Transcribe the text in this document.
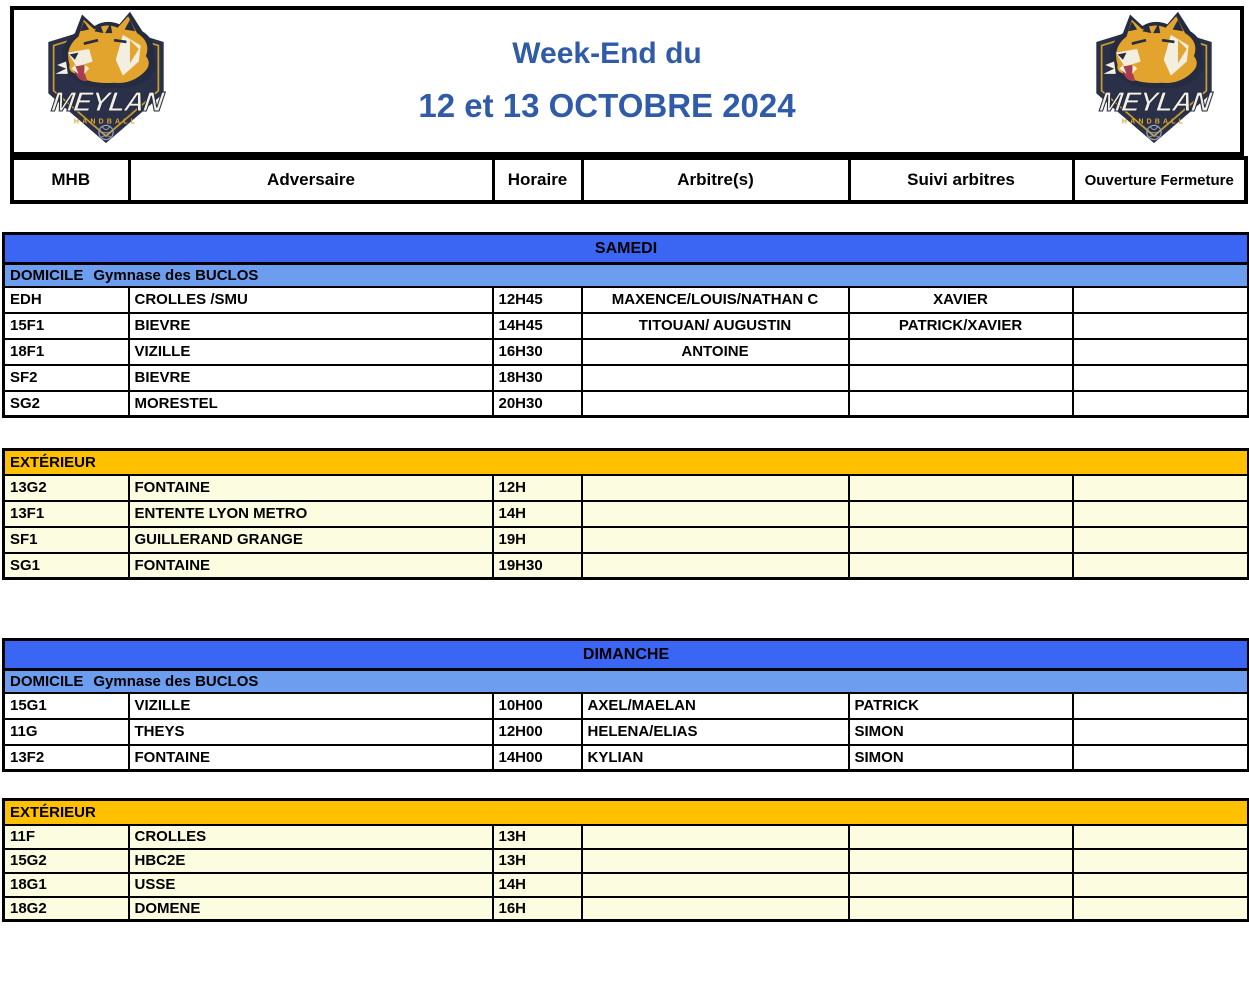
MEYLAN
HANDBALL
Week-End du
12 et 13 OCTOBRE 2024	MEYLAN
HANDBALL
MHB	Adversaire	Horaire	Arbitre(s)	Suivi arbitres	Ouverture Fermeture
SAMEDI					
DOMICILE Gymnase des BUCLOS					
EDH	CROLLES /SMU	12H45	MAXENCE/LOUIS/NATHAN C	XAVIER	
15F1	BIEVRE	14H45	TITOUAN/ AUGUSTIN	PATRICK/XAVIER	
18F1	VIZILLE	16H30	ANTOINE		
SF2	BIEVRE	18H30			
SG2	MORESTEL	20H30			
EXTÉRIEUR					
13G2	FONTAINE	12H			
13F1	ENTENTE LYON METRO	14H			
SF1	GUILLERAND GRANGE	19H			
SG1	FONTAINE	19H30			
DIMANCHE					
DOMICILE Gymnase des BUCLOS					
15G1	VIZILLE	10H00	AXEL/MAELAN	PATRICK	
11G	THEYS	12H00	HELENA/ELIAS	SIMON	
13F2	FONTAINE	14H00	KYLIAN	SIMON	
EXTÉRIEUR					
11F	CROLLES	13H			
15G2	HBC2E	13H			
18G1	USSE	14H			
18G2	DOMENE	16H			
